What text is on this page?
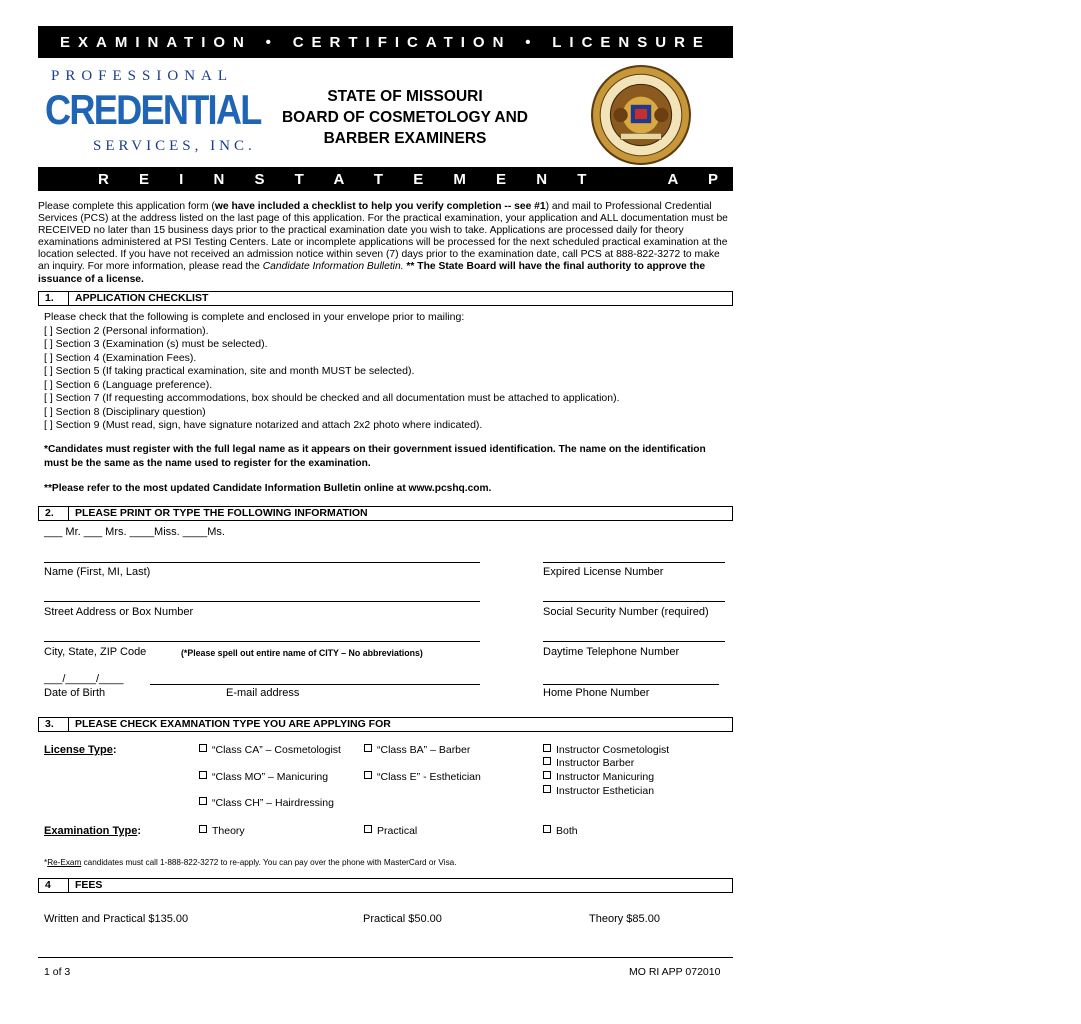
EXAMINATION • CERTIFICATION • LICENSURE
PROFESSIONAL
CREDENTIAL
SERVICES, INC.
STATE OF MISSOURI
BOARD OF COSMETOLOGY AND
BARBER EXAMINERS
R E I N S T A T E M E N T    A P P L I C A T I O N
Please complete this application form (we have included a checklist to help you verify completion -- see #1) and mail to Professional Credential Services (PCS) at the address listed on the last page of this application. For the practical examination, your application and ALL documentation must be RECEIVED no later than 15 business days prior to the practical examination date you wish to take. Applications are processed daily for theory examinations administered at PSI Testing Centers. Late or incomplete applications will be processed for the next scheduled practical examination at the location selected. If you have not received an admission notice within seven (7) days prior to the examination date, call PCS at 888-822-3272 to make an inquiry. For more information, please read the Candidate Information Bulletin. ** The State Board will have the final authority to approve the issuance of a license.
1.	APPLICATION CHECKLIST
Please check that the following is complete and enclosed in your envelope prior to mailing:
[ ] Section 2 (Personal information).
[ ] Section 3 (Examination (s) must be selected).
[ ] Section 4 (Examination Fees).
[ ] Section 5 (If taking practical examination, site and month MUST be selected).
[ ] Section 6 (Language preference).
[ ] Section 7 (If requesting accommodations, box should be checked and all documentation must be attached to application).
[ ] Section 8 (Disciplinary question)
[ ] Section 9 (Must read, sign, have signature notarized and attach 2x2 photo where indicated).
*Candidates must register with the full legal name as it appears on their government issued identification. The name on the identification must be the same as the name used to register for the examination.
**Please refer to the most updated Candidate Information Bulletin online at www.pcshq.com.
2.	PLEASE PRINT OR TYPE THE FOLLOWING INFORMATION
___ Mr. ___ Mrs. ____Miss. ____Ms.
Name (First, MI, Last)	Expired License Number
Street Address or Box Number	Social Security Number (required)
City, State, ZIP Code	(*Please spell out entire name of CITY – No abbreviations)	Daytime Telephone Number
___/_____/____
Date of Birth	E-mail address	Home Phone Number
3.	PLEASE CHECK EXAMNATION TYPE YOU ARE APPLYING FOR
License Type:	“Class CA” – Cosmetologist	“Class BA” – Barber	Instructor Cosmetologist
Instructor Barber
“Class MO” – Manicuring	“Class E” - Esthetician	Instructor Manicuring
Instructor Esthetician
“Class CH” – Hairdressing
Examination Type:	Theory	Practical	Both
*Re-Exam candidates must call 1-888-822-3272 to re-apply. You can pay over the phone with MasterCard or Visa.
4	FEES
Written and Practical $135.00	Practical $50.00	Theory $85.00
1 of 3	MO RI APP 072010
